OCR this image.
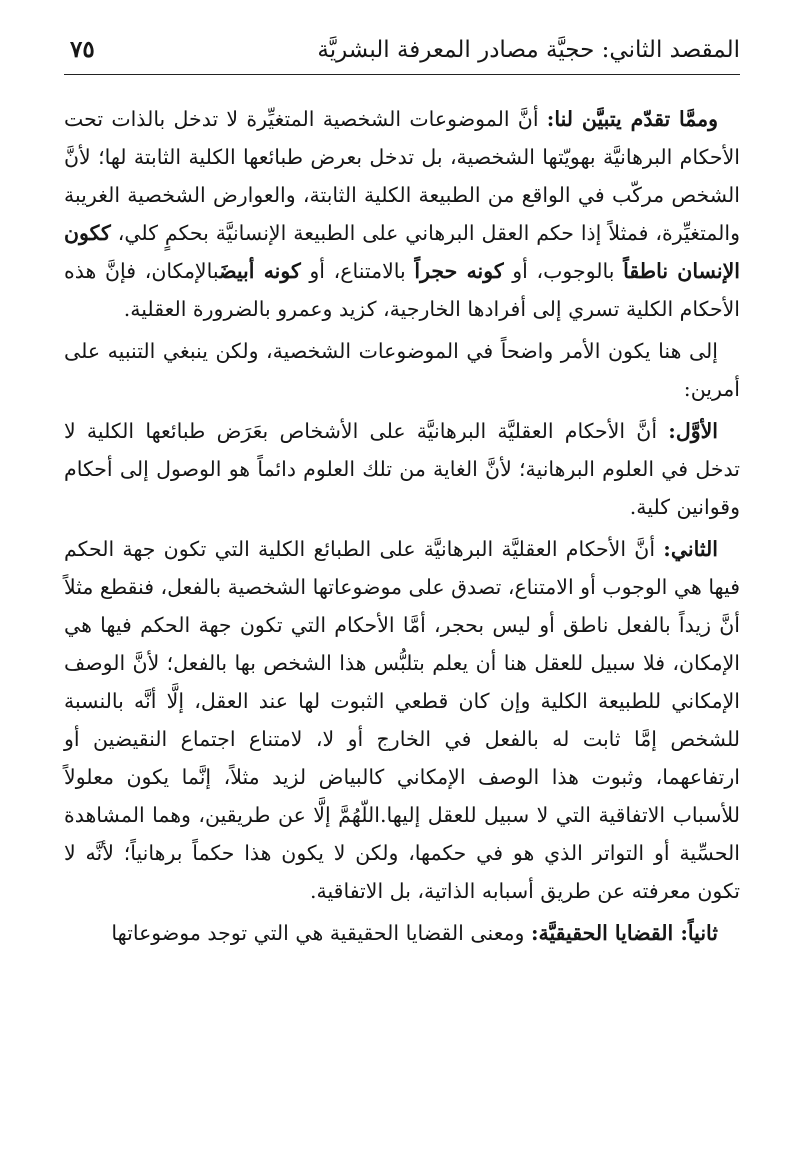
المقصد الثاني: حجيَّة مصادر المعرفة البشريَّة
٧٥

وممَّا تقدّم يتبيَّن لنا: أنَّ الموضوعات الشخصية المتغيِّرة لا تدخل بالذات تحت الأحكام البرهانيَّة بهويّتها الشخصية، بل تدخل بعرض طبائعها الكلية الثابتة لها؛ لأنَّ الشخص مركّب في الواقع من الطبيعة الكلية الثابتة، والعوارض الشخصية الغريبة والمتغيِّرة، فمثلاً إذا حكم العقل البرهاني على الطبيعة الإنسانيَّة بحكمٍ كلي، ككون الإنسان ناطقاً بالوجوب، أو كونه حجراً بالامتناع، أو كونه أبيضَبالإمكان، فإنَّ هذه الأحكام الكلية تسري إلى أفرادها الخارجية، كزيد وعمرو بالضرورة العقلية.

إلى هنا يكون الأمر واضحاً في الموضوعات الشخصية، ولكن ينبغي التنبيه على أمرين:

الأوَّل: أنَّ الأحكام العقليَّة البرهانيَّة على الأشخاص بعَرَض طبائعها الكلية لا تدخل في العلوم البرهانية؛ لأنَّ الغاية من تلك العلوم دائماً هو الوصول إلى أحكام وقوانين كلية.

الثاني: أنَّ الأحكام العقليَّة البرهانيَّة على الطبائع الكلية التي تكون جهة الحكم فيها هي الوجوب أو الامتناع، تصدق على موضوعاتها الشخصية بالفعل، فنقطع مثلاً أنَّ زيداً بالفعل ناطق أو ليس بحجر، أمَّا الأحكام التي تكون جهة الحكم فيها هي الإمكان، فلا سبيل للعقل هنا أن يعلم بتلبُّس هذا الشخص بها بالفعل؛ لأنَّ الوصف الإمكاني للطبيعة الكلية وإن كان قطعي الثبوت لها عند العقل، إلَّا أنَّه بالنسبة للشخص إمَّا ثابت له بالفعل في الخارج أو لا، لامتناع اجتماع النقيضين أو ارتفاعهما، وثبوت هذا الوصف الإمكاني كالبياض لزيد مثلاً، إنَّما يكون معلولاً للأسباب الاتفاقية التي لا سبيل للعقل إليها.اللّهُمَّ إلَّا عن طريقين، وهما المشاهدة الحسِّية أو التواتر الذي هو في حكمها، ولكن لا يكون هذا حكماً برهانياً؛ لأنَّه لا تكون معرفته عن طريق أسبابه الذاتية، بل الاتفاقية.

ثانياً: القضايا الحقيقيَّة: ومعنى القضايا الحقيقية هي التي توجد موضوعاتها
